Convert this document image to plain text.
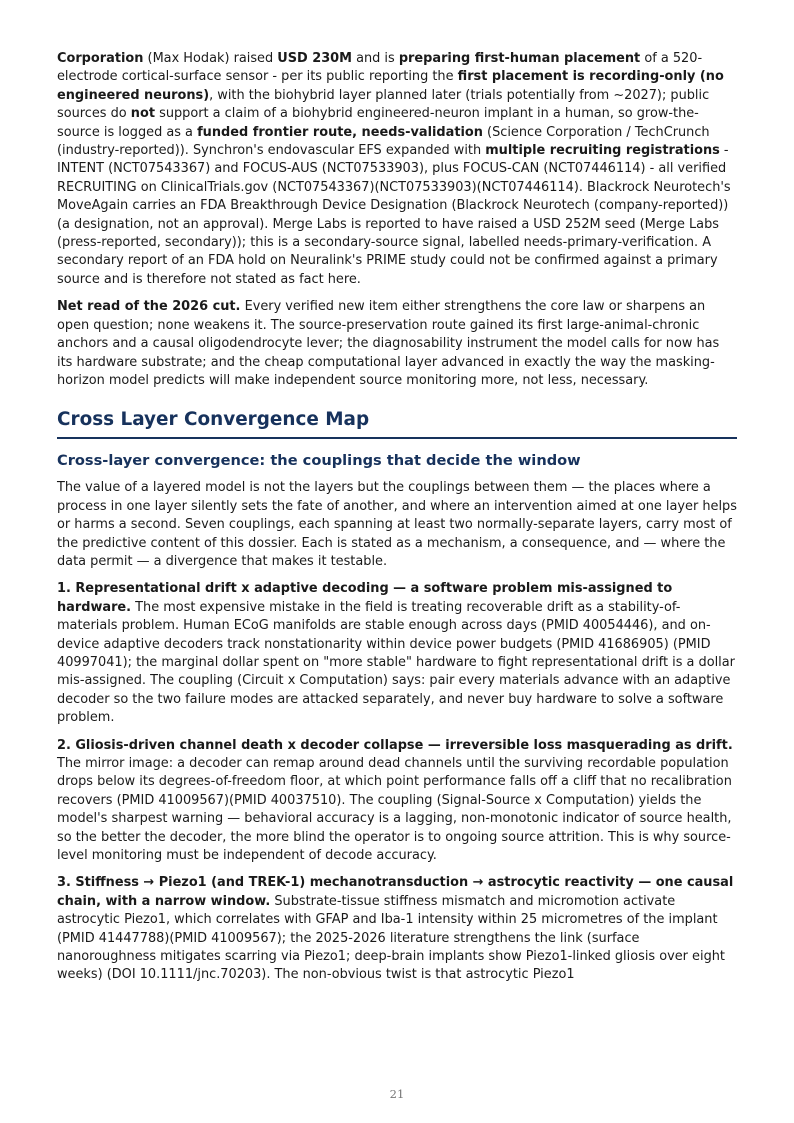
Corporation (Max Hodak) raised USD 230M and is preparing first-human placement of a 520-electrode cortical-surface sensor - per its public reporting the first placement is recording-only (no engineered neurons), with the biohybrid layer planned later (trials potentially from ~2027); public sources do not support a claim of a biohybrid engineered-neuron implant in a human, so grow-the-source is logged as a funded frontier route, needs-validation (Science Corporation / TechCrunch (industry-reported)). Synchron's endovascular EFS expanded with multiple recruiting registrations - INTENT (NCT07543367) and FOCUS-AUS (NCT07533903), plus FOCUS-CAN (NCT07446114) - all verified RECRUITING on ClinicalTrials.gov (NCT07543367)(NCT07533903)(NCT07446114). Blackrock Neurotech's MoveAgain carries an FDA Breakthrough Device Designation (Blackrock Neurotech (company-reported)) (a designation, not an approval). Merge Labs is reported to have raised a USD 252M seed (Merge Labs (press-reported, secondary)); this is a secondary-source signal, labelled needs-primary-verification. A secondary report of an FDA hold on Neuralink's PRIME study could not be confirmed against a primary source and is therefore not stated as fact here.

Net read of the 2026 cut. Every verified new item either strengthens the core law or sharpens an open question; none weakens it. The source-preservation route gained its first large-animal-chronic anchors and a causal oligodendrocyte lever; the diagnosability instrument the model calls for now has its hardware substrate; and the cheap computational layer advanced in exactly the way the masking-horizon model predicts will make independent source monitoring more, not less, necessary.

Cross Layer Convergence Map
Cross-layer convergence: the couplings that decide the window

The value of a layered model is not the layers but the couplings between them — the places where a process in one layer silently sets the fate of another, and where an intervention aimed at one layer helps or harms a second. Seven couplings, each spanning at least two normally-separate layers, carry most of the predictive content of this dossier. Each is stated as a mechanism, a consequence, and — where the data permit — a divergence that makes it testable.

1. Representational drift x adaptive decoding — a software problem mis-assigned to hardware. The most expensive mistake in the field is treating recoverable drift as a stability-of-materials problem. Human ECoG manifolds are stable enough across days (PMID 40054446), and on-device adaptive decoders track nonstationarity within device power budgets (PMID 41686905) (PMID 40997041); the marginal dollar spent on "more stable" hardware to fight representational drift is a dollar mis-assigned. The coupling (Circuit x Computation) says: pair every materials advance with an adaptive decoder so the two failure modes are attacked separately, and never buy hardware to solve a software problem.

2. Gliosis-driven channel death x decoder collapse — irreversible loss masquerading as drift. The mirror image: a decoder can remap around dead channels until the surviving recordable population drops below its degrees-of-freedom floor, at which point performance falls off a cliff that no recalibration recovers (PMID 41009567)(PMID 40037510). The coupling (Signal-Source x Computation) yields the model's sharpest warning — behavioral accuracy is a lagging, non-monotonic indicator of source health, so the better the decoder, the more blind the operator is to ongoing source attrition. This is why source-level monitoring must be independent of decode accuracy.

3. Stiffness → Piezo1 (and TREK-1) mechanotransduction → astrocytic reactivity — one causal chain, with a narrow window. Substrate-tissue stiffness mismatch and micromotion activate astrocytic Piezo1, which correlates with GFAP and Iba-1 intensity within 25 micrometres of the implant (PMID 41447788)(PMID 41009567); the 2025-2026 literature strengthens the link (surface nanoroughness mitigates scarring via Piezo1; deep-brain implants show Piezo1-linked gliosis over eight weeks) (DOI 10.1111/jnc.70203). The non-obvious twist is that astrocytic Piezo1

21
